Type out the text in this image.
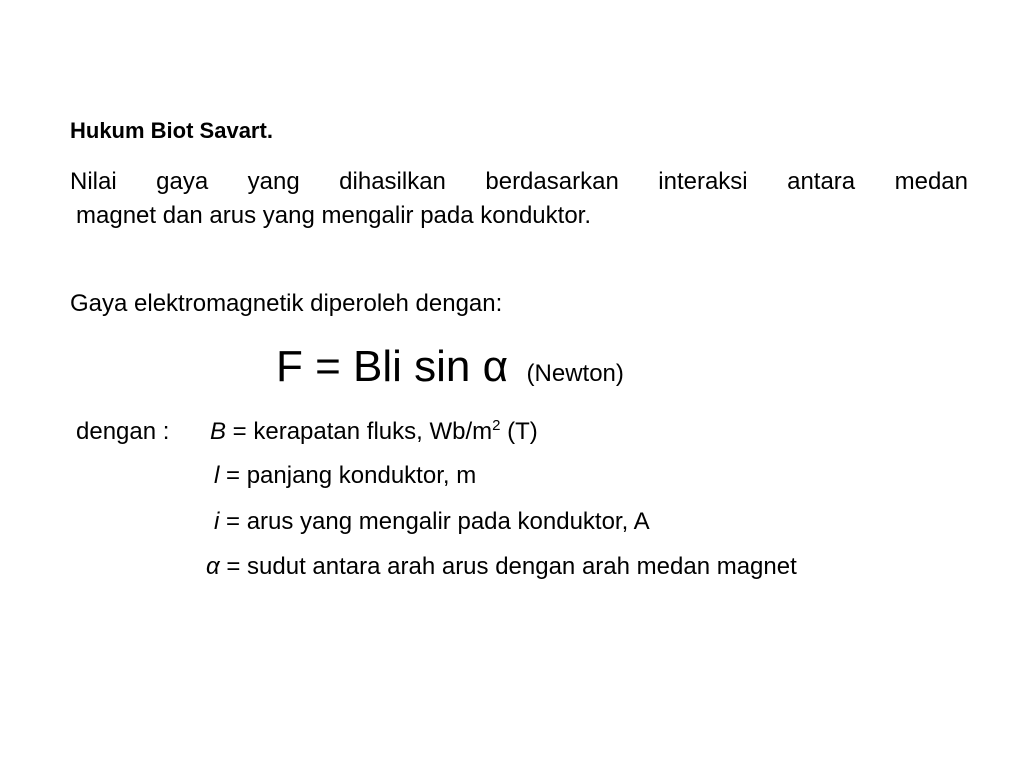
Hukum Biot Savart.
Nilai gaya yang dihasilkan berdasarkan interaksi antara medan
magnet dan arus yang mengalir pada konduktor.
Gaya elektromagnetik diperoleh dengan:
F = Bli sin α (Newton)
dengan : B = kerapatan fluks, $Wb/m^2$ (T)
l = panjang konduktor, m
i = arus yang mengalir pada konduktor, A
α = sudut antara arah arus dengan arah medan magnet
